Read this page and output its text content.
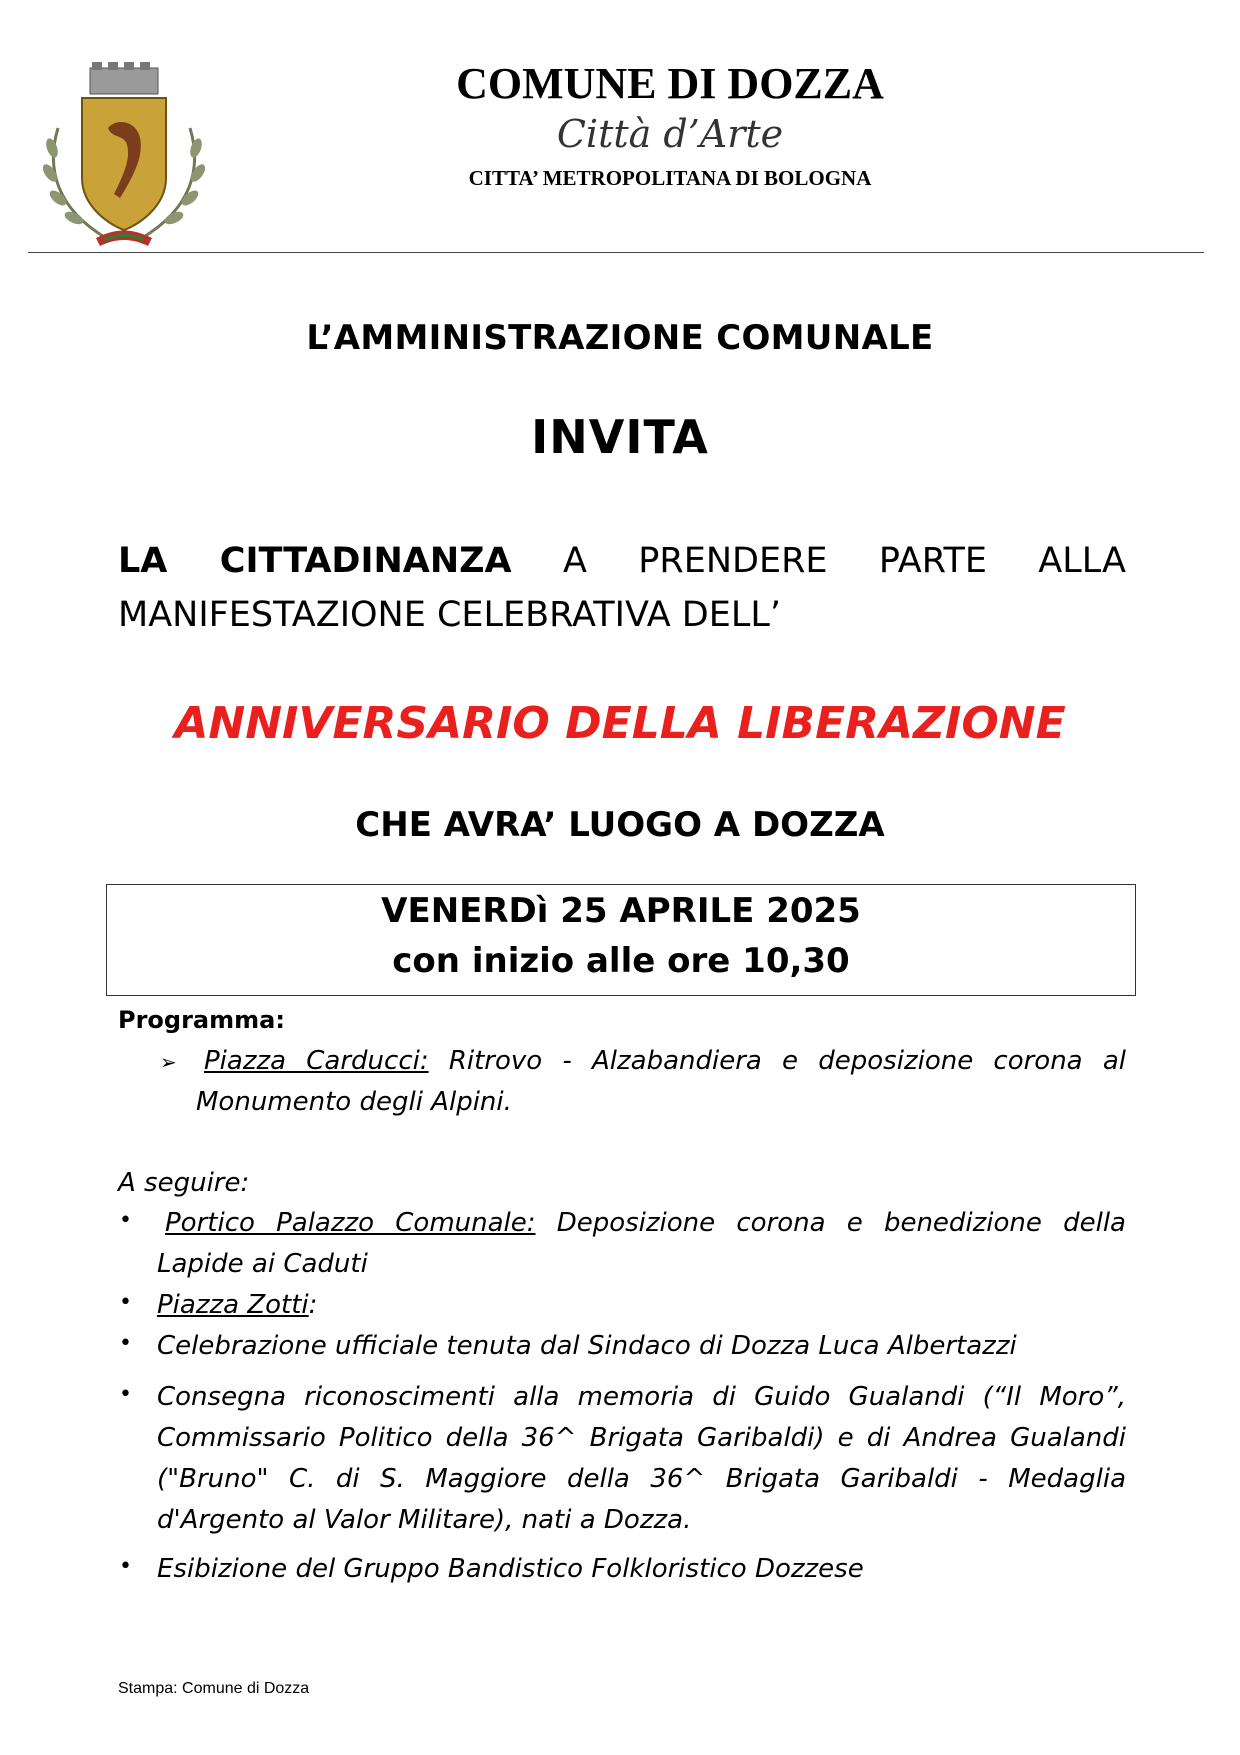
COMUNE DI DOZZA
Città d’Arte
CITTA’ METROPOLITANA DI BOLOGNA
L’AMMINISTRAZIONE COMUNALE
INVITA
LA CITTADINANZA A PRENDERE PARTE ALLA MANIFESTAZIONE CELEBRATIVA DELL’
ANNIVERSARIO DELLA LIBERAZIONE
CHE AVRA’ LUOGO A DOZZA
VENERDì 25 APRILE 2025
con inizio alle ore 10,30
Programma:
➢	Piazza Carducci: Ritrovo - Alzabandiera e deposizione corona al Monumento degli Alpini.
A seguire:
•	Portico Palazzo Comunale: Deposizione corona e benedizione della Lapide ai Caduti
• Piazza Zotti:
• Celebrazione ufficiale tenuta dal Sindaco di Dozza Luca Albertazzi
• Consegna riconoscimenti alla memoria di Guido Gualandi (“Il Moro”, Commissario Politico della 36^ Brigata Garibaldi) e di Andrea Gualandi ("Bruno" C. di S. Maggiore della 36^ Brigata Garibaldi - Medaglia d'Argento al Valor Militare), nati a Dozza.
• Esibizione del Gruppo Bandistico Folkloristico Dozzese
Stampa: Comune di Dozza
